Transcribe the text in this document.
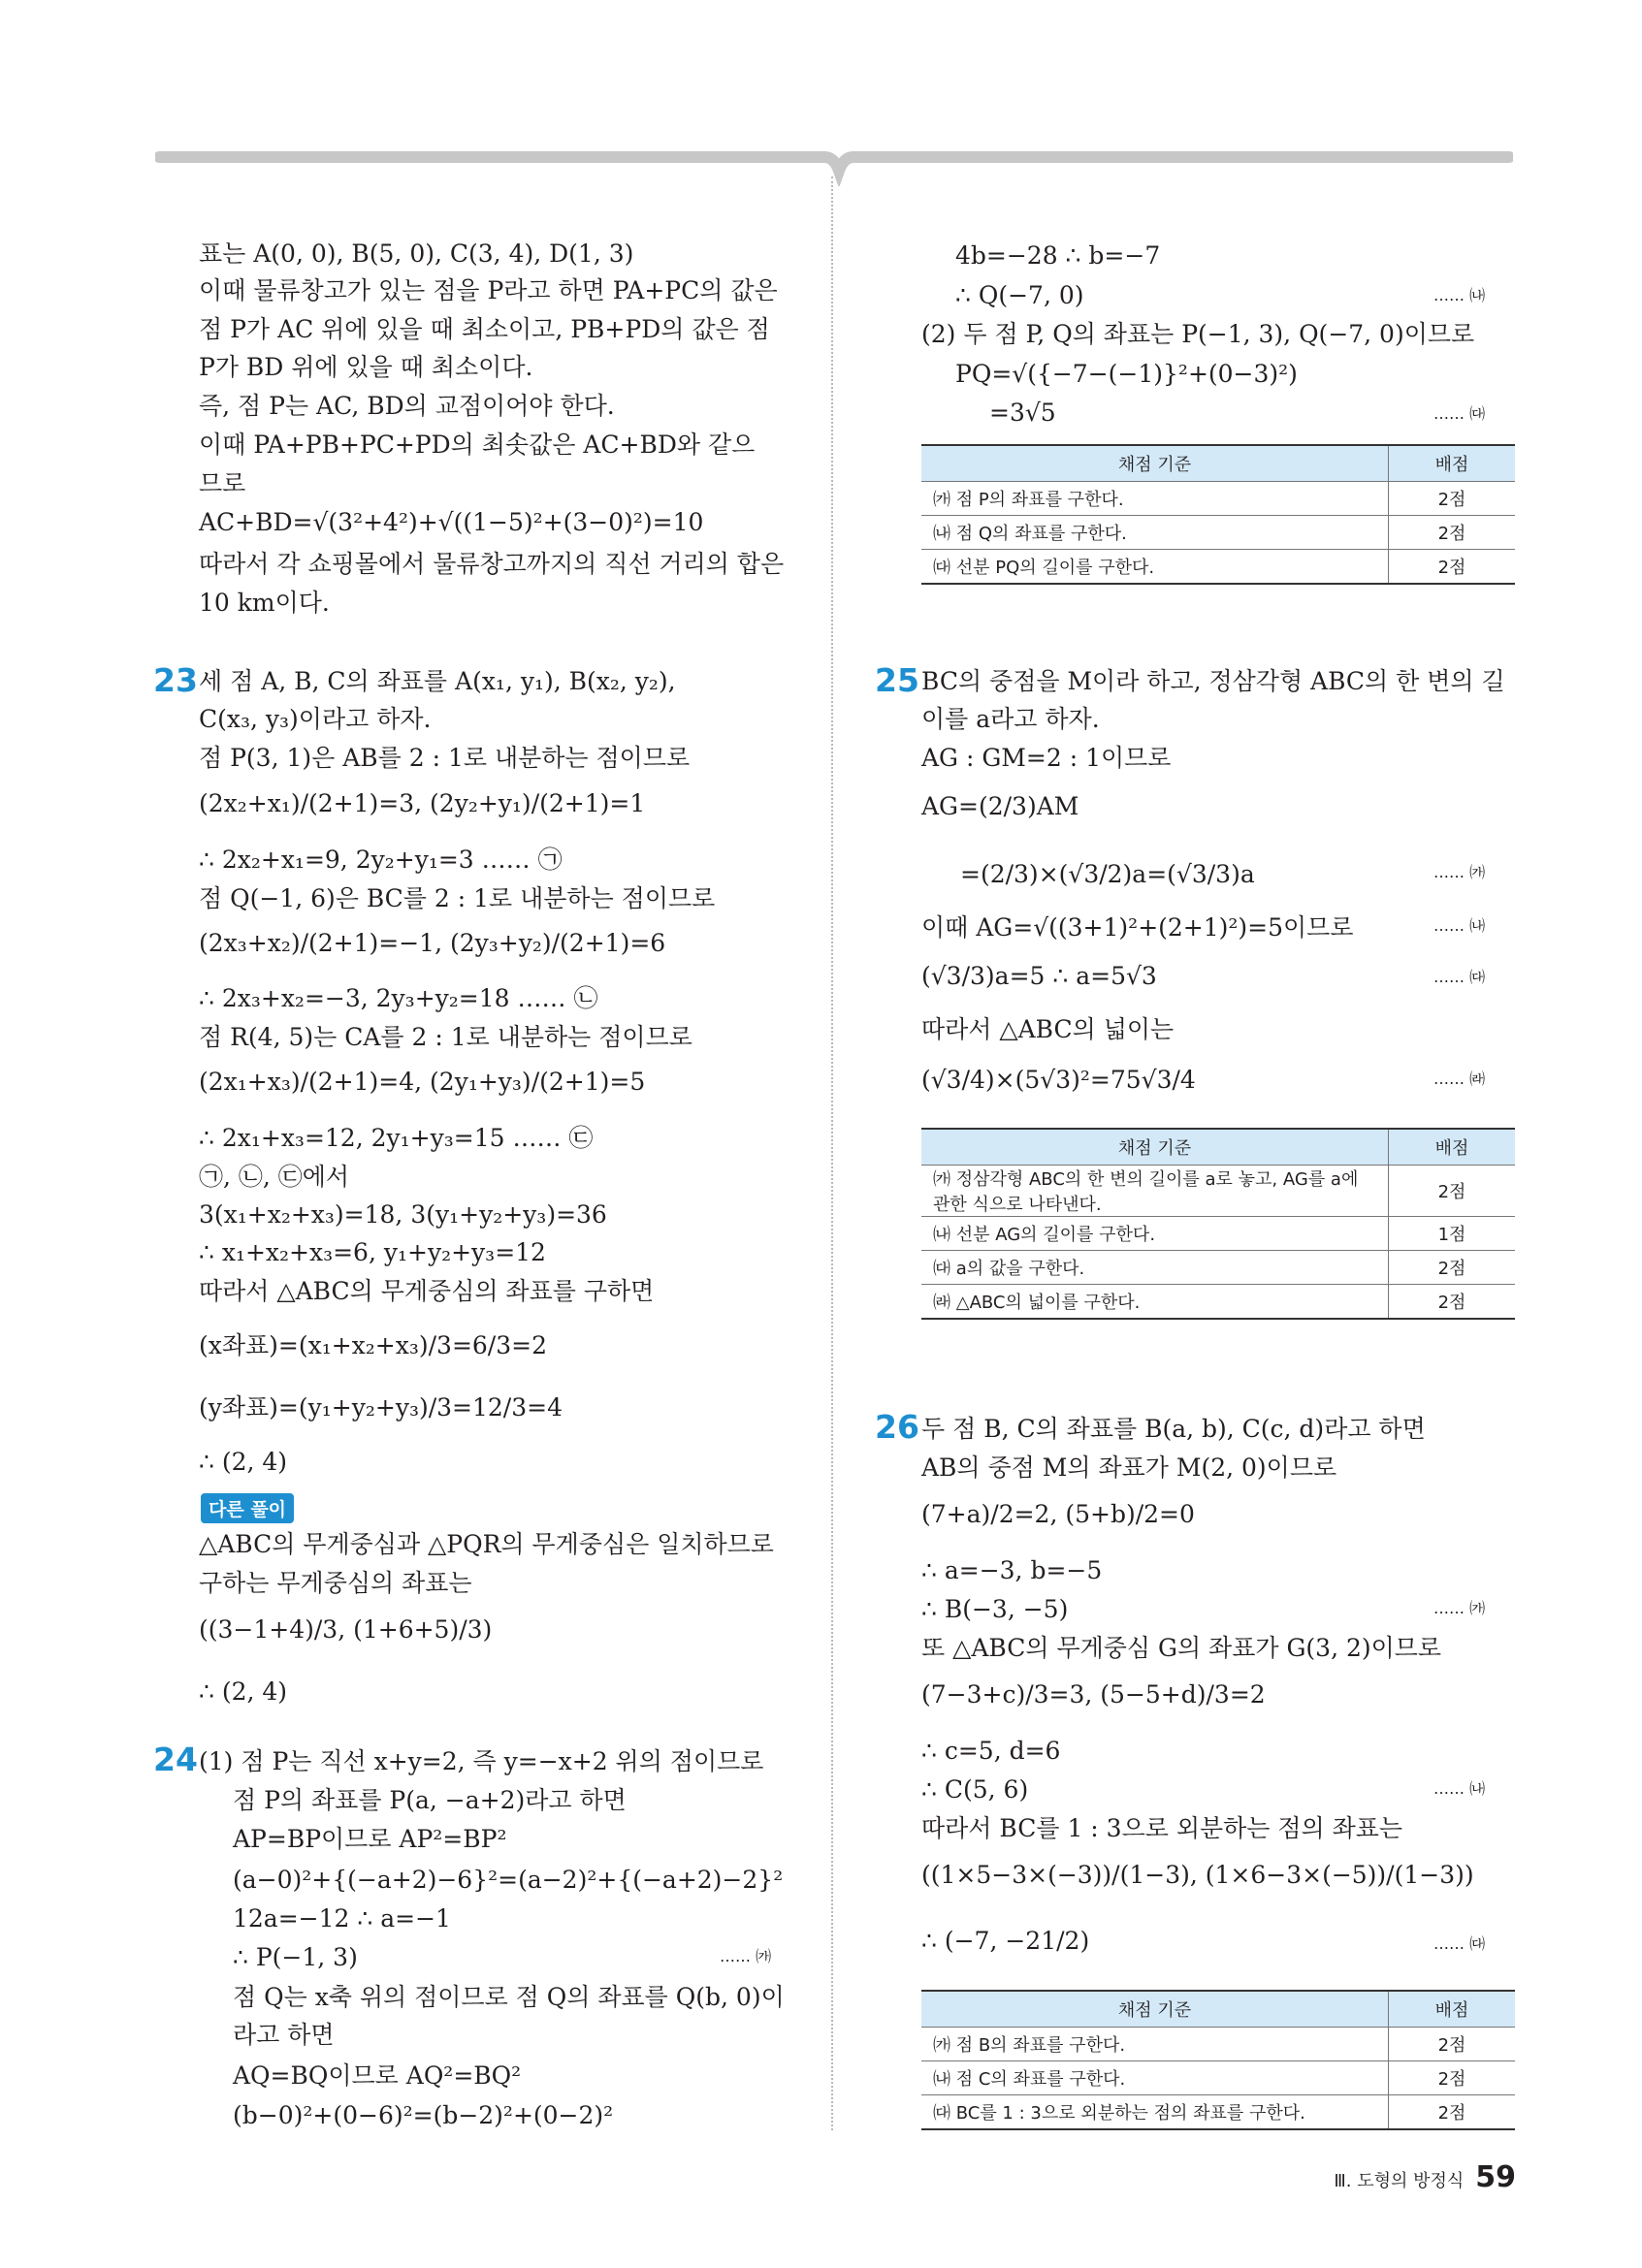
표는 A(0, 0), B(5, 0), C(3, 4), D(1, 3)
이때 물류창고가 있는 점을 P라고 하면 PA+PC의 값은
점 P가 AC 위에 있을 때 최소이고, PB+PD의 값은 점
P가 BD 위에 있을 때 최소이다.
즉, 점 P는 AC, BD의 교점이어야 한다.
이때 PA+PB+PC+PD의 최솟값은 AC+BD와 같으
므로
AC+BD=√(3²+4²)+√((1−5)²+(3−0)²)=10
따라서 각 쇼핑몰에서 물류창고까지의 직선 거리의 합은
10 km이다.
23 세 점 A, B, C의 좌표를 A(x₁, y₁), B(x₂, y₂),
C(x₃, y₃)이라고 하자.
점 P(3, 1)은 AB를 2 : 1로 내분하는 점이므로
(2x₂+x₁)/(2+1)=3, (2y₂+y₁)/(2+1)=1
∴ 2x₂+x₁=9, 2y₂+y₁=3 …… ㉠
점 Q(−1, 6)은 BC를 2 : 1로 내분하는 점이므로
(2x₃+x₂)/(2+1)=−1, (2y₃+y₂)/(2+1)=6
∴ 2x₃+x₂=−3, 2y₃+y₂=18 …… ㉡
점 R(4, 5)는 CA를 2 : 1로 내분하는 점이므로
(2x₁+x₃)/(2+1)=4, (2y₁+y₃)/(2+1)=5
∴ 2x₁+x₃=12, 2y₁+y₃=15 …… ㉢
㉠, ㉡, ㉢에서
3(x₁+x₂+x₃)=18, 3(y₁+y₂+y₃)=36
∴ x₁+x₂+x₃=6, y₁+y₂+y₃=12
따라서 △ABC의 무게중심의 좌표를 구하면
(x좌표)=(x₁+x₂+x₃)/3=6/3=2
(y좌표)=(y₁+y₂+y₃)/3=12/3=4
∴ (2, 4)
다른 풀이
△ABC의 무게중심과 △PQR의 무게중심은 일치하므로
구하는 무게중심의 좌표는
((3−1+4)/3, (1+6+5)/3)
∴ (2, 4)
24 (1) 점 P는 직선 x+y=2, 즉 y=−x+2 위의 점이므로
점 P의 좌표를 P(a, −a+2)라고 하면
AP=BP이므로 AP²=BP²
(a−0)²+{(−a+2)−6}²=(a−2)²+{(−a+2)−2}²
12a=−12 ∴ a=−1
∴ P(−1, 3)
점 Q는 x축 위의 점이므로 점 Q의 좌표를 Q(b, 0)이
라고 하면
AQ=BQ이므로 AQ²=BQ²
(b−0)²+(0−6)²=(b−2)²+(0−2)²
…… ㈎
4b=−28 ∴ b=−7
∴ Q(−7, 0)
(2) 두 점 P, Q의 좌표는 P(−1, 3), Q(−7, 0)이므로
PQ=√({−7−(−1)}²+(0−3)²)
=3√5
…… ㈏
…… ㈐
채점 기준	배점
㈎ 점 P의 좌표를 구한다.	2점
㈏ 점 Q의 좌표를 구한다.	2점
㈐ 선분 PQ의 길이를 구한다.	2점
25 BC의 중점을 M이라 하고, 정삼각형 ABC의 한 변의 길
이를 a라고 하자.
AG : GM=2 : 1이므로
AG=(2/3)AM
=(2/3)×(√3/2)a=(√3/3)a
이때 AG=√((3+1)²+(2+1)²)=5이므로
(√3/3)a=5 ∴ a=5√3
따라서 △ABC의 넓이는
(√3/4)×(5√3)²=75√3/4
채점 기준	배점
㈎ 정삼각형 ABC의 한 변의 길이를 a로 놓고, AG를 a에 관한 식으로 나타낸다.	2점
㈏ 선분 AG의 길이를 구한다.	1점
㈐ a의 값을 구한다.	2점
㈑ △ABC의 넓이를 구한다.	2점
26 두 점 B, C의 좌표를 B(a, b), C(c, d)라고 하면
AB의 중점 M의 좌표가 M(2, 0)이므로
(7+a)/2=2, (5+b)/2=0
∴ a=−3, b=−5
∴ B(−3, −5)
또 △ABC의 무게중심 G의 좌표가 G(3, 2)이므로
(7−3+c)/3=3, (5−5+d)/3=2
∴ c=5, d=6
∴ C(5, 6)
따라서 BC를 1 : 3으로 외분하는 점의 좌표는
((1×5−3×(−3))/(1−3), (1×6−3×(−5))/(1−3))
∴ (−7, −21/2)
채점 기준	배점
㈎ 점 B의 좌표를 구한다.	2점
㈏ 점 C의 좌표를 구한다.	2점
㈐ BC를 1 : 3으로 외분하는 점의 좌표를 구한다.	2점
Ⅲ. 도형의 방정식 59
…… ㈎
…… ㈏
…… ㈐
…… ㈑
…… ㈎
…… ㈏
…… ㈐
